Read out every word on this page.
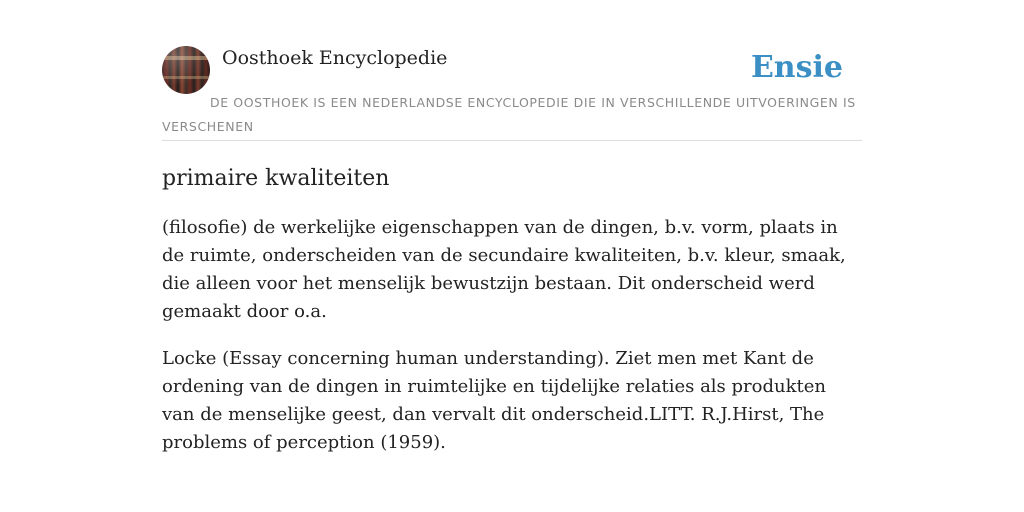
Oosthoek Encyclopedie	Ensie
DE OOSTHOEK IS EEN NEDERLANDSE ENCYCLOPEDIE DIE IN VERSCHILLENDE UITVOERINGEN IS VERSCHENEN
primaire kwaliteiten

(filosofie) de werkelijke eigenschappen van de dingen, b.v. vorm, plaats in de ruimte, onderscheiden van de secundaire kwaliteiten, b.v. kleur, smaak, die alleen voor het menselijk bewustzijn bestaan. Dit onderscheid werd gemaakt door o.a.

Locke (Essay concerning human understanding). Ziet men met Kant de ordening van de dingen in ruimtelijke en tijdelijke relaties als produkten van de menselijke geest, dan vervalt dit onderscheid.LITT. R.J.Hirst, The problems of perception (1959).
